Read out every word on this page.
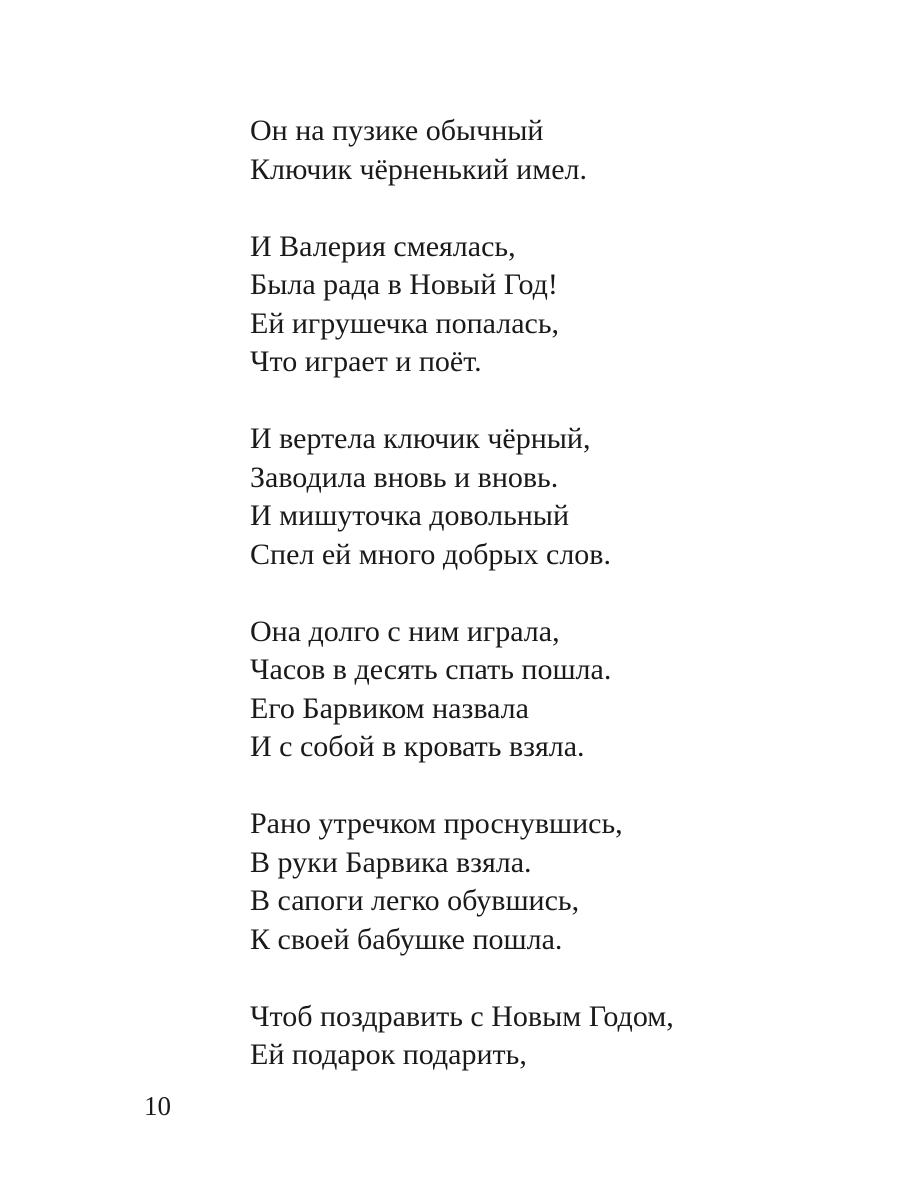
Он на пузике обычный
Ключик чёрненький имел.
И Валерия смеялась,
Была рада в Новый Год!
Ей игрушечка попалась,
Что играет и поёт.
И вертела ключик чёрный,
Заводила вновь и вновь.
И мишуточка довольный
Спел ей много добрых слов.
Она долго с ним играла,
Часов в десять спать пошла.
Его Барвиком назвала
И с собой в кровать взяла.
Рано утречком проснувшись,
В руки Барвика взяла.
В сапоги легко обувшись,
К своей бабушке пошла.
Чтоб поздравить с Новым Годом,
Ей подарок подарить,
10
